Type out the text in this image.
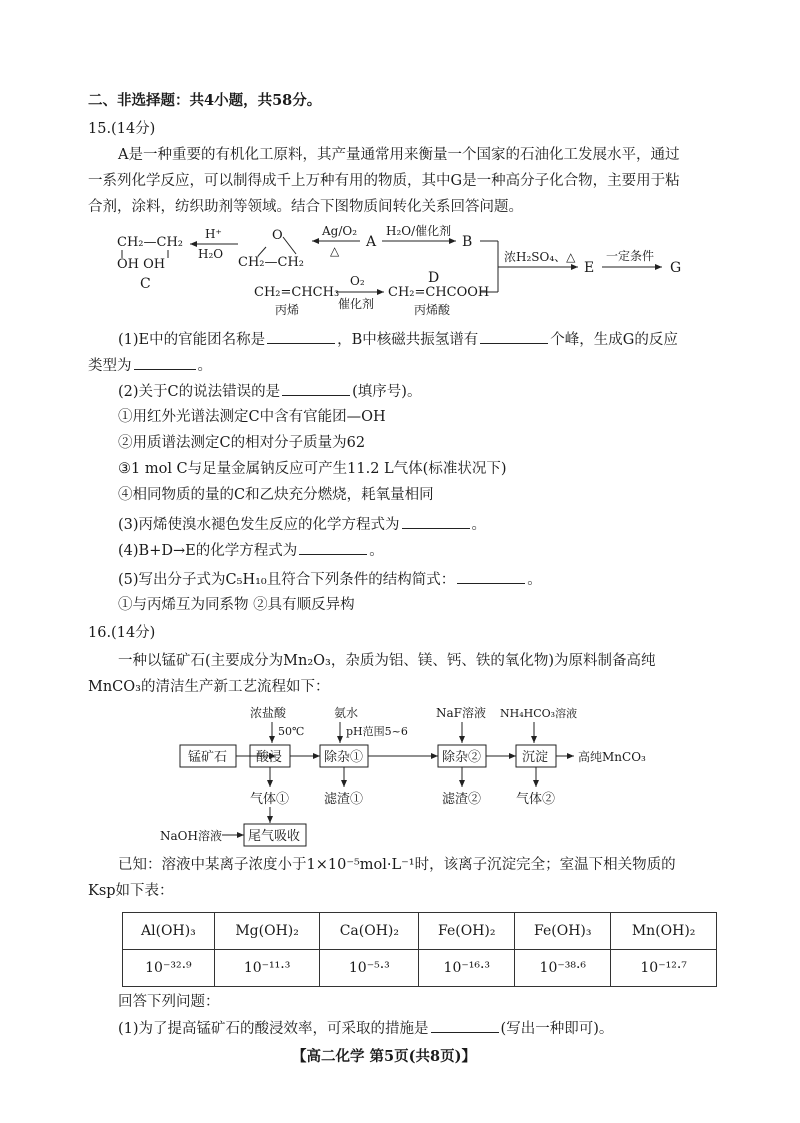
二、非选择题：共4小题，共58分。
15.(14分)
A是一种重要的有机化工原料，其产量通常用来衡量一个国家的石油化工发展水平，通过
一系列化学反应，可以制得成千上万种有用的物质，其中G是一种高分子化合物，主要用于粘
合剂，涂料，纺织助剂等领域。结合下图物质间转化关系回答问题。
CH₂—CH₂
OH OH
C
H⁺
H₂O
O
CH₂—CH₂
Ag/O₂
△
A
H₂O/催化剂
B
浓H₂SO₄、△
E
一定条件
G
CH₂=CHCH₃
丙烯
O₂
催化剂
D
CH₂=CHCOOH
丙烯酸
(1)E中的官能团名称是	，B中核磁共振氢谱有	个峰，生成G的反应
类型为	。
(2)关于C的说法错误的是	(填序号)。
①用红外光谱法测定C中含有官能团—OH
②用质谱法测定C的相对分子质量为62
③1 mol C与足量金属钠反应可产生11.2 L气体(标准状况下)
④相同物质的量的C和乙炔充分燃烧，耗氧量相同
(3)丙烯使溴水褪色发生反应的化学方程式为	。
(4)B+D→E的化学方程式为	。
(5)写出分子式为C₅H₁₀且符合下列条件的结构简式：	。
①与丙烯互为同系物 ②具有顺反异构
16.(14分)
一种以锰矿石(主要成分为Mn₂O₃，杂质为铝、镁、钙、铁的氧化物)为原料制备高纯
MnCO₃的清洁生产新工艺流程如下：
锰矿石
浓盐酸
50℃
酸浸
氨水
pH范围5~6
除杂①
NaF溶液
除杂②
NH₄HCO₃溶液
沉淀 高纯MnCO₃
气体①	滤渣①	滤渣②	气体②
NaOH溶液 尾气吸收
已知：溶液中某离子浓度小于1×10⁻⁵mol·L⁻¹时，该离子沉淀完全；室温下相关物质的
Ksp如下表：
Al(OH)₃	Mg(OH)₂	Ca(OH)₂	Fe(OH)₂	Fe(OH)₃	Mn(OH)₂
10⁻³²·⁹	10⁻¹¹·³	10⁻⁵·³	10⁻¹⁶·³	10⁻³⁸·⁶	10⁻¹²·⁷
回答下列问题：
(1)为了提高锰矿石的酸浸效率，可采取的措施是	(写出一种即可)。
【高二化学 第5页(共8页)】
